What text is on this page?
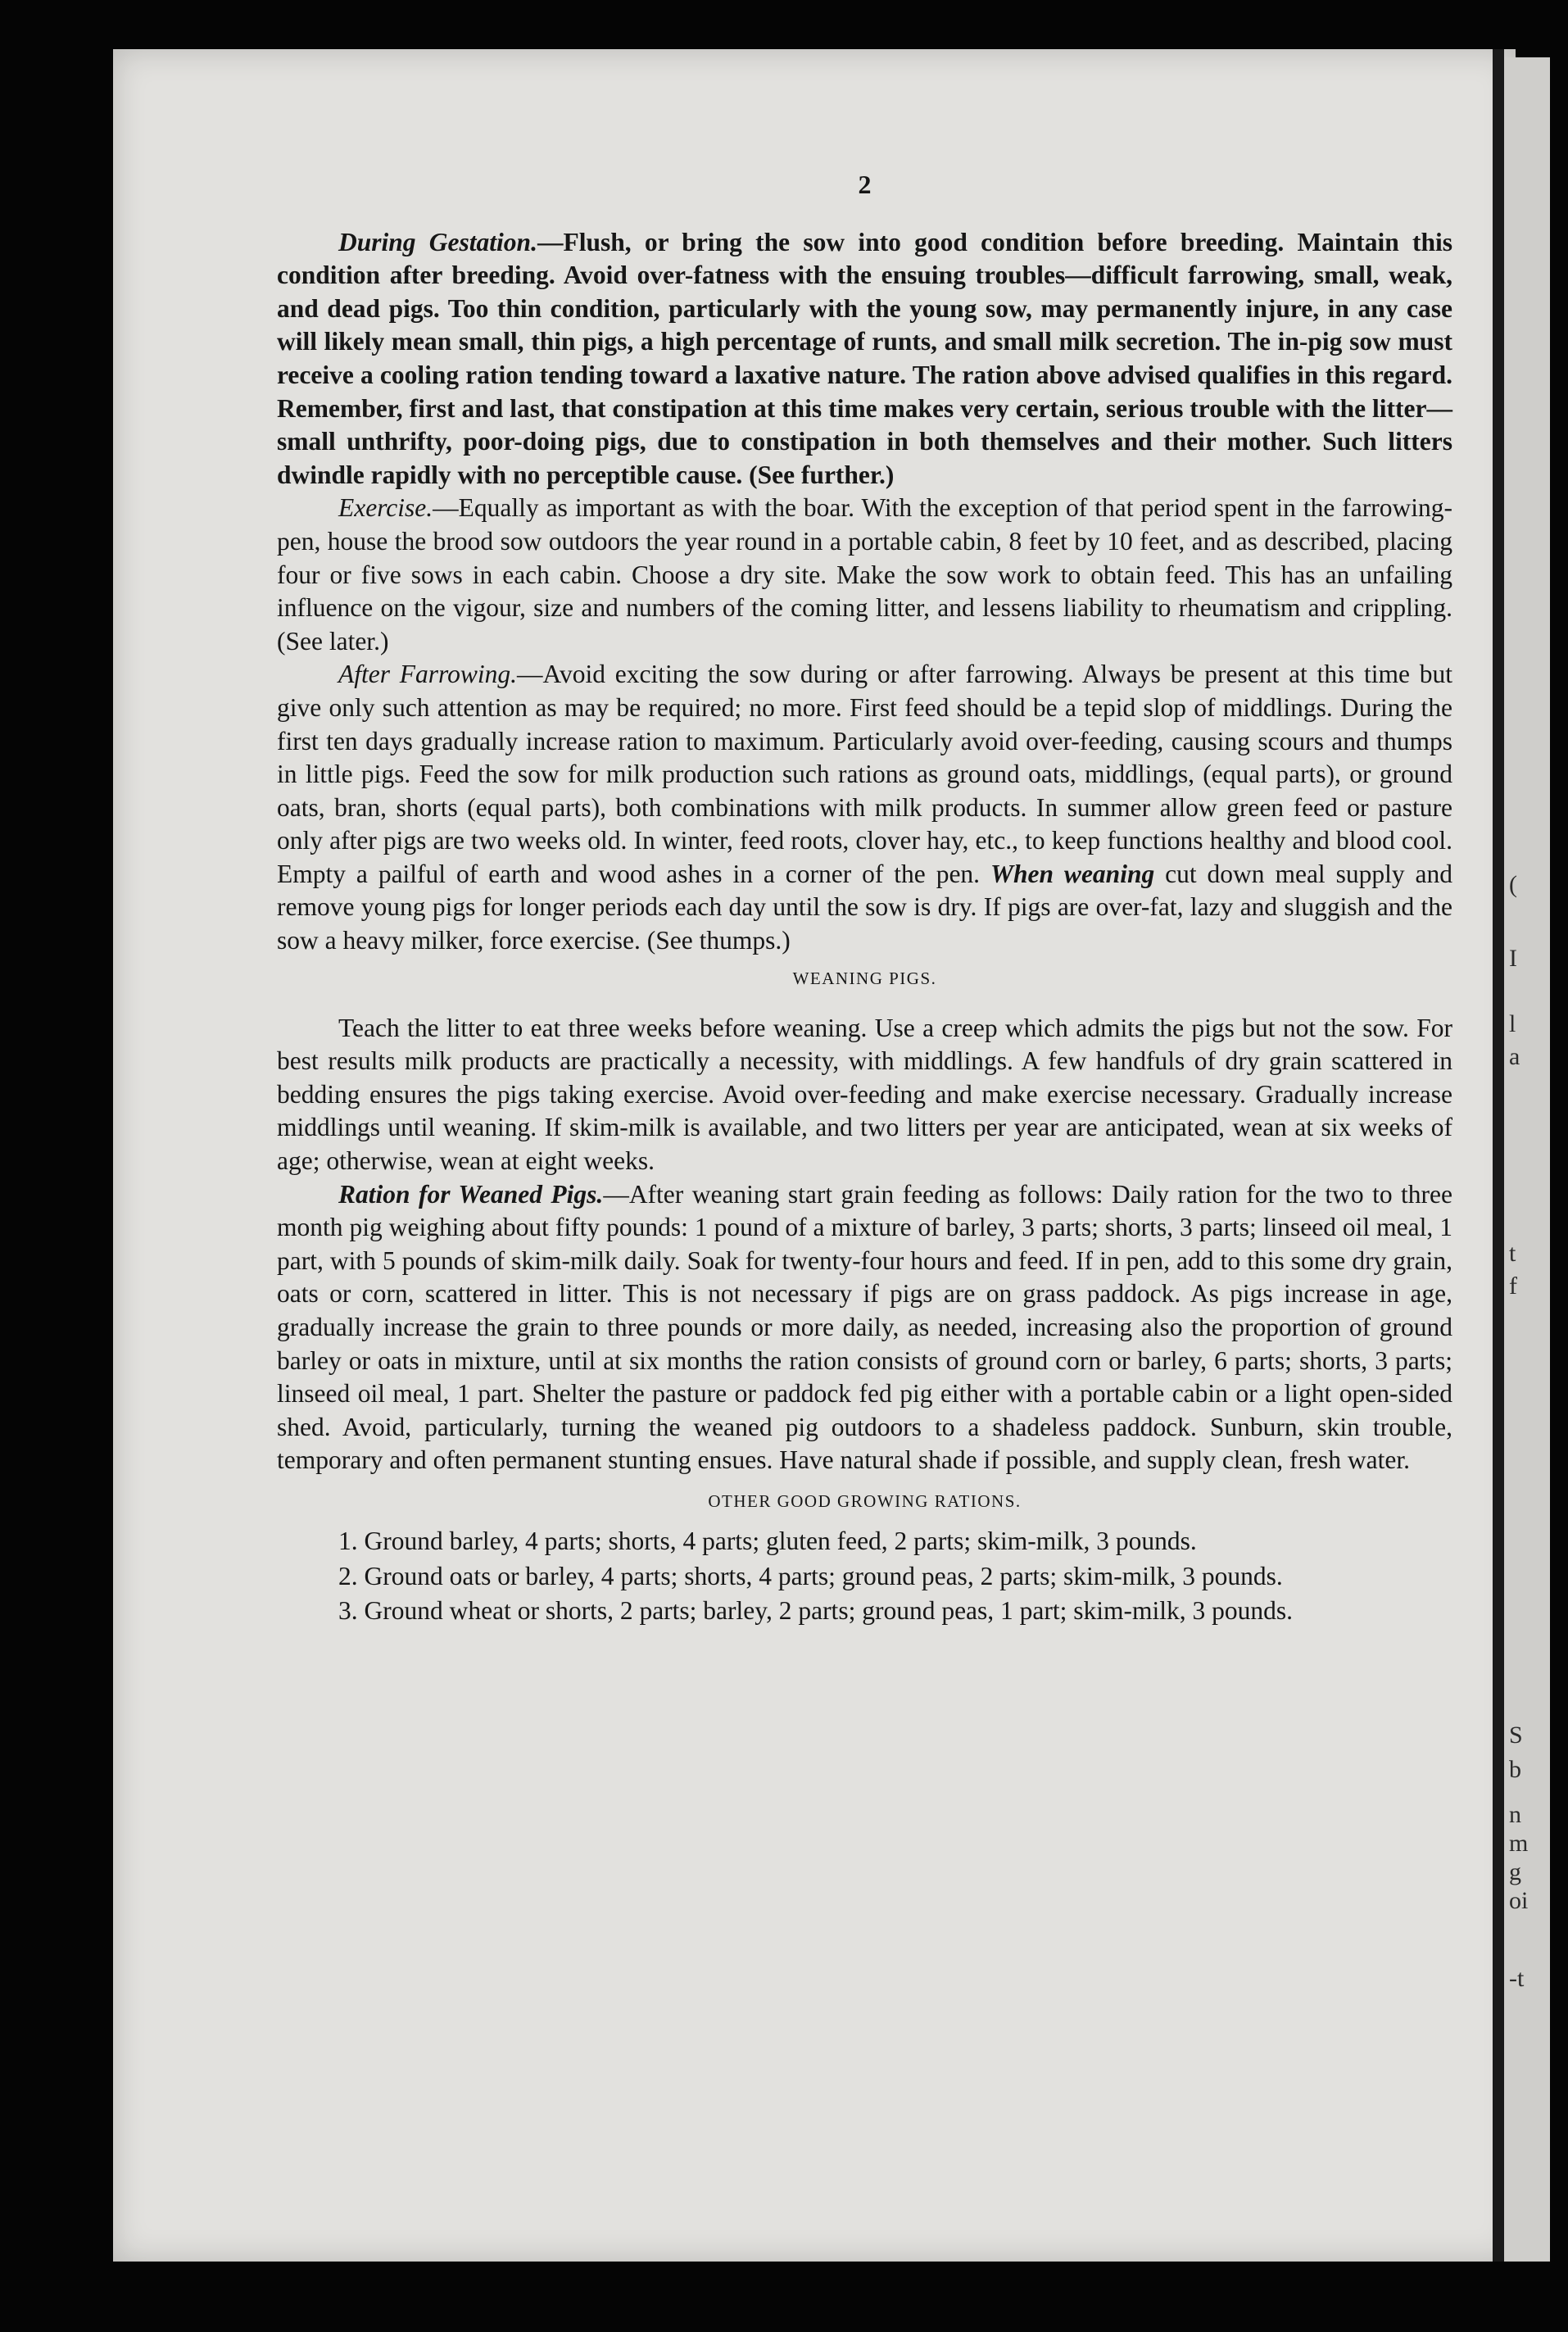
(
I
l
a
t
f
S
b
n
m
g
oi
-t
2

During Gestation.—Flush, or bring the sow into good condition before breeding. Maintain this condition after breeding. Avoid over-fatness with the ensuing troubles—difficult farrowing, small, weak, and dead pigs. Too thin condition, particularly with the young sow, may permanently injure, in any case will likely mean small, thin pigs, a high percentage of runts, and small milk secretion. The in-pig sow must receive a cooling ration tending toward a laxative nature. The ration above advised qualifies in this regard. Remember, first and last, that constipation at this time makes very certain, serious trouble with the litter—small unthrifty, poor-doing pigs, due to constipation in both themselves and their mother. Such litters dwindle rapidly with no perceptible cause. (See further.)

Exercise.—Equally as important as with the boar. With the exception of that period spent in the farrowing-pen, house the brood sow outdoors the year round in a portable cabin, 8 feet by 10 feet, and as described, placing four or five sows in each cabin. Choose a dry site. Make the sow work to obtain feed. This has an unfailing influence on the vigour, size and numbers of the coming litter, and lessens liability to rheumatism and crippling. (See later.)

After Farrowing.—Avoid exciting the sow during or after farrowing. Always be present at this time but give only such attention as may be required; no more. First feed should be a tepid slop of middlings. During the first ten days gradually increase ration to maximum. Particularly avoid over-feeding, causing scours and thumps in little pigs. Feed the sow for milk production such rations as ground oats, middlings, (equal parts), or ground oats, bran, shorts (equal parts), both combinations with milk products. In summer allow green feed or pasture only after pigs are two weeks old. In winter, feed roots, clover hay, etc., to keep functions healthy and blood cool. Empty a pailful of earth and wood ashes in a corner of the pen. When weaning cut down meal supply and remove young pigs for longer periods each day until the sow is dry. If pigs are over-fat, lazy and sluggish and the sow a heavy milker, force exercise. (See thumps.)

WEANING PIGS.

Teach the litter to eat three weeks before weaning. Use a creep which admits the pigs but not the sow. For best results milk products are practically a necessity, with middlings. A few handfuls of dry grain scattered in bedding ensures the pigs taking exercise. Avoid over-feeding and make exercise necessary. Gradually increase middlings until weaning. If skim-milk is available, and two litters per year are anticipated, wean at six weeks of age; otherwise, wean at eight weeks.

Ration for Weaned Pigs.—After weaning start grain feeding as follows: Daily ration for the two to three month pig weighing about fifty pounds: 1 pound of a mixture of barley, 3 parts; shorts, 3 parts; linseed oil meal, 1 part, with 5 pounds of skim-milk daily. Soak for twenty-four hours and feed. If in pen, add to this some dry grain, oats or corn, scattered in litter. This is not necessary if pigs are on grass paddock. As pigs increase in age, gradually increase the grain to three pounds or more daily, as needed, increasing also the proportion of ground barley or oats in mixture, until at six months the ration consists of ground corn or barley, 6 parts; shorts, 3 parts; linseed oil meal, 1 part. Shelter the pasture or paddock fed pig either with a portable cabin or a light open-sided shed. Avoid, particularly, turning the weaned pig outdoors to a shadeless paddock. Sunburn, skin trouble, temporary and often permanent stunting ensues. Have natural shade if possible, and supply clean, fresh water.

OTHER GOOD GROWING RATIONS.

1. Ground barley, 4 parts; shorts, 4 parts; gluten feed, 2 parts; skim-milk, 3 pounds.

2. Ground oats or barley, 4 parts; shorts, 4 parts; ground peas, 2 parts; skim-milk, 3 pounds.

3. Ground wheat or shorts, 2 parts; barley, 2 parts; ground peas, 1 part; skim-milk, 3 pounds.
